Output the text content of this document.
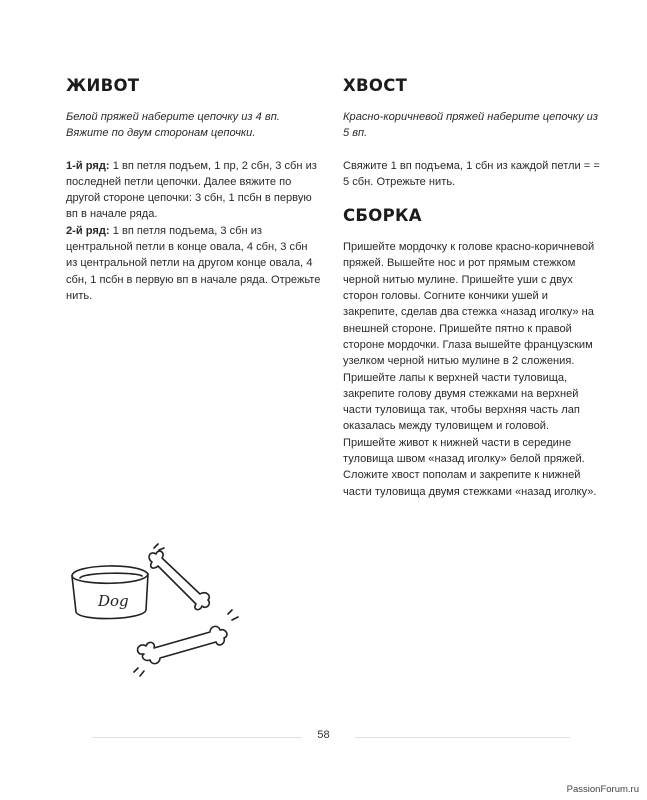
ЖИВОТ

Белой пряжей наберите цепочку из 4 вп. Вяжите по двум сторонам цепочки.

1-й ряд: 1 вп петля подъем, 1 пр, 2 сбн, 3 сбн из последней петли цепочки. Далее вяжите по другой стороне цепочки: 3 сбн, 1 псбн в первую вп в начале ряда.

2-й ряд: 1 вп петля подъема, 3 сбн из центральной петли в конце овала, 4 сбн, 3 сбн из центральной петли на другом конце овала, 4 сбн, 1 псбн в первую вп в начале ряда. Отрежьте нить.

ХВОСТ

Красно-коричневой пряжей наберите цепочку из 5 вп.

Свяжите 1 вп подъема, 1 сбн из каждой петли = = 5 сбн. Отрежьте нить.

СБОРКА

Пришейте мордочку к голове красно-коричневой пряжей. Вышейте нос и рот прямым стежком черной нитью мулине. Пришейте уши с двух сторон головы. Согните кончики ушей и закрепите, сделав два стежка «назад иголку» на внешней стороне. Пришейте пятно к правой стороне мордочки. Глаза вышейте французским узелком черной нитью мулине в 2 сложения. Пришейте лапы к верхней части туловища, закрепите голову двумя стежками на верхней части туловища так, чтобы верхняя часть лап оказалась между туловищем и головой. Пришейте живот к нижней части в середине туловища швом «назад иголку» белой пряжей. Сложите хвост пополам и закрепите к нижней части туловища двумя стежками «назад иголку».

Dog
58
PassionForum.ru
